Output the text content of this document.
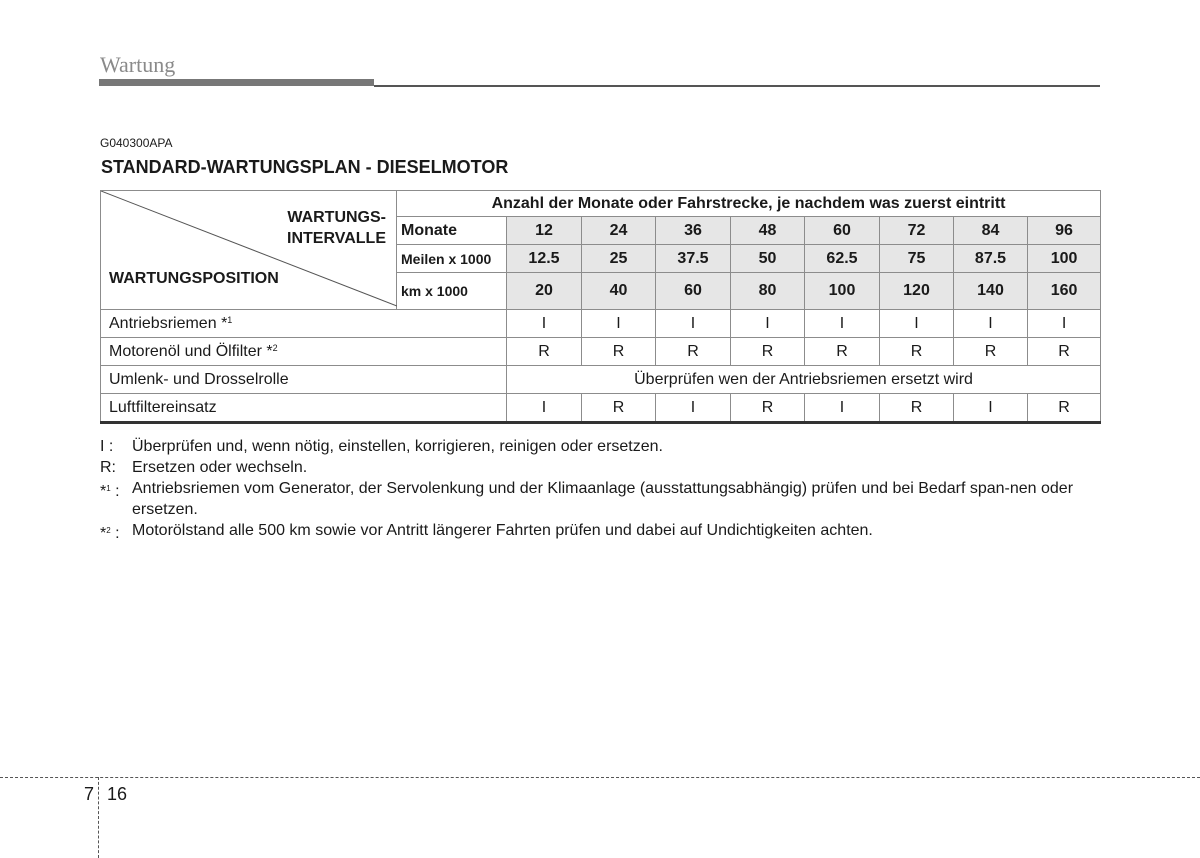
Wartung
G040300APA
STANDARD-WARTUNGSPLAN - DIESELMOTOR
WARTUNGS-
INTERVALLE
WARTUNGSPOSITION	Anzahl der Monate oder Fahrstrecke, je nachdem was zuerst eintritt								
	Monate	12	24	36	48	60	72	84	96
	Meilen x 1000	12.5	25	37.5	50	62.5	75	87.5	100
	km x 1000	20	40	60	80	100	120	140	160
Antriebsriemen *$^1$		I	I	I	I	I	I	I	I
Motorenöl und Ölfilter *$^2$		R	R	R	R	R	R	R	R
Umlenk- und Drosselrolle		Überprüfen wen der Antriebsriemen ersetzt wird							
Luftfiltereinsatz		I	R	I	R	I	R	I	R
I : Überprüfen und, wenn nötig, einstellen, korrigieren, reinigen oder ersetzen.
R: Ersetzen oder wechseln.
*$^1$ : Antriebsriemen vom Generator, der Servolenkung und der Klimaanlage (ausstattungsabhängig) prüfen und bei Bedarf span-nen oder ersetzen.
*$^2$ : Motorölstand alle 500 km sowie vor Antritt längerer Fahrten prüfen und dabei auf Undichtigkeiten achten.
7 16
